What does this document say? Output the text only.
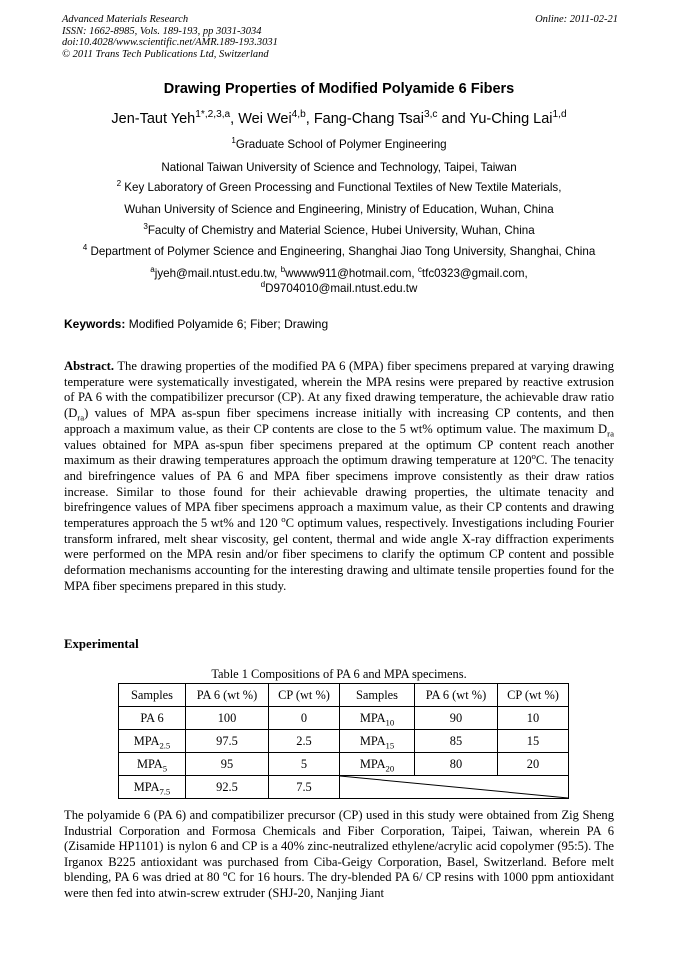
Advanced Materials Research
ISSN: 1662-8985, Vols. 189-193, pp 3031-3034
doi:10.4028/www.scientific.net/AMR.189-193.3031
© 2011 Trans Tech Publications Ltd, Switzerland
Online: 2011-02-21
Drawing Properties of Modified Polyamide 6 Fibers
Jen-Taut Yeh$^{1*,2,3,a}$, Wei Wei$^{4,b}$, Fang-Chang Tsai$^{3,c}$ and Yu-Ching Lai$^{1,d}$
$^1$Graduate School of Polymer Engineering
National Taiwan University of Science and Technology, Taipei, Taiwan
$^2$ Key Laboratory of Green Processing and Functional Textiles of New Textile Materials,
Wuhan University of Science and Engineering, Ministry of Education, Wuhan, China
$^3$Faculty of Chemistry and Material Science, Hubei University, Wuhan, China
$^4$ Department of Polymer Science and Engineering, Shanghai Jiao Tong University, Shanghai, China
$^a$jyeh@mail.ntust.edu.tw, $^b$wwww911@hotmail.com, $^c$tfc0323@gmail.com,
$^d$D9704010@mail.ntust.edu.tw
Keywords: Modified Polyamide 6; Fiber; Drawing
Abstract. The drawing properties of the modified PA 6 (MPA) fiber specimens prepared at varying drawing temperature were systematically investigated, wherein the MPA resins were prepared by reactive extrusion of PA 6 with the compatibilizer precursor (CP). At any fixed drawing temperature, the achievable draw ratio $(D_{ra})$ values of MPA as-spun fiber specimens increase initially with increasing CP contents, and then approach a maximum value, as their CP contents are close to the 5 wt% optimum value. The maximum $D_{ra}$ values obtained for MPA as-spun fiber specimens prepared at the optimum CP content reach another maximum as their drawing temperatures approach the optimum drawing temperature at 120$^o$C. The tenacity and birefringence values of PA 6 and MPA fiber specimens improve consistently as their draw ratios increase. Similar to those found for their achievable drawing properties, the ultimate tenacity and birefringence values of MPA fiber specimens approach a maximum value, as their CP contents and drawing temperatures approach the 5 wt% and 120 $^o$C optimum values, respectively. Investigations including Fourier transform infrared, melt shear viscosity, gel content, thermal and wide angle X-ray diffraction experiments were performed on the MPA resin and/or fiber specimens to clarify the optimum CP content and possible deformation mechanisms accounting for the interesting drawing and ultimate tensile properties found for the MPA fiber specimens prepared in this study.
Experimental
Table 1 Compositions of PA 6 and MPA specimens.
Samples	PA 6 (wt %)	CP (wt %)	Samples	PA 6 (wt %)	CP (wt %)
PA 6	100	0	$MPA_{10}$	90	10
$MPA_{2.5}$	97.5	2.5	$MPA_{15}$	85	15
$MPA_5$	95	5	$MPA_{20}$	80	20
$MPA_{7.5}$	92.5	7.5	
The polyamide 6 (PA 6) and compatibilizer precursor (CP) used in this study were obtained from Zig Sheng Industrial Corporation and Formosa Chemicals and Fiber Corporation, Taipei, Taiwan, wherein PA 6 (Zisamide HP1101) is nylon 6 and CP is a 40% zinc-neutralized ethylene/acrylic acid copolymer (95:5). The Irganox B225 antioxidant was purchased from Ciba-Geigy Corporation, Basel, Switzerland. Before melt blending, PA 6 was dried at 80 $^o$C for 16 hours. The dry-blended PA 6/ CP resins with 1000 ppm antioxidant were then fed into atwin-screw extruder (SHJ-20, Nanjing Jiant
